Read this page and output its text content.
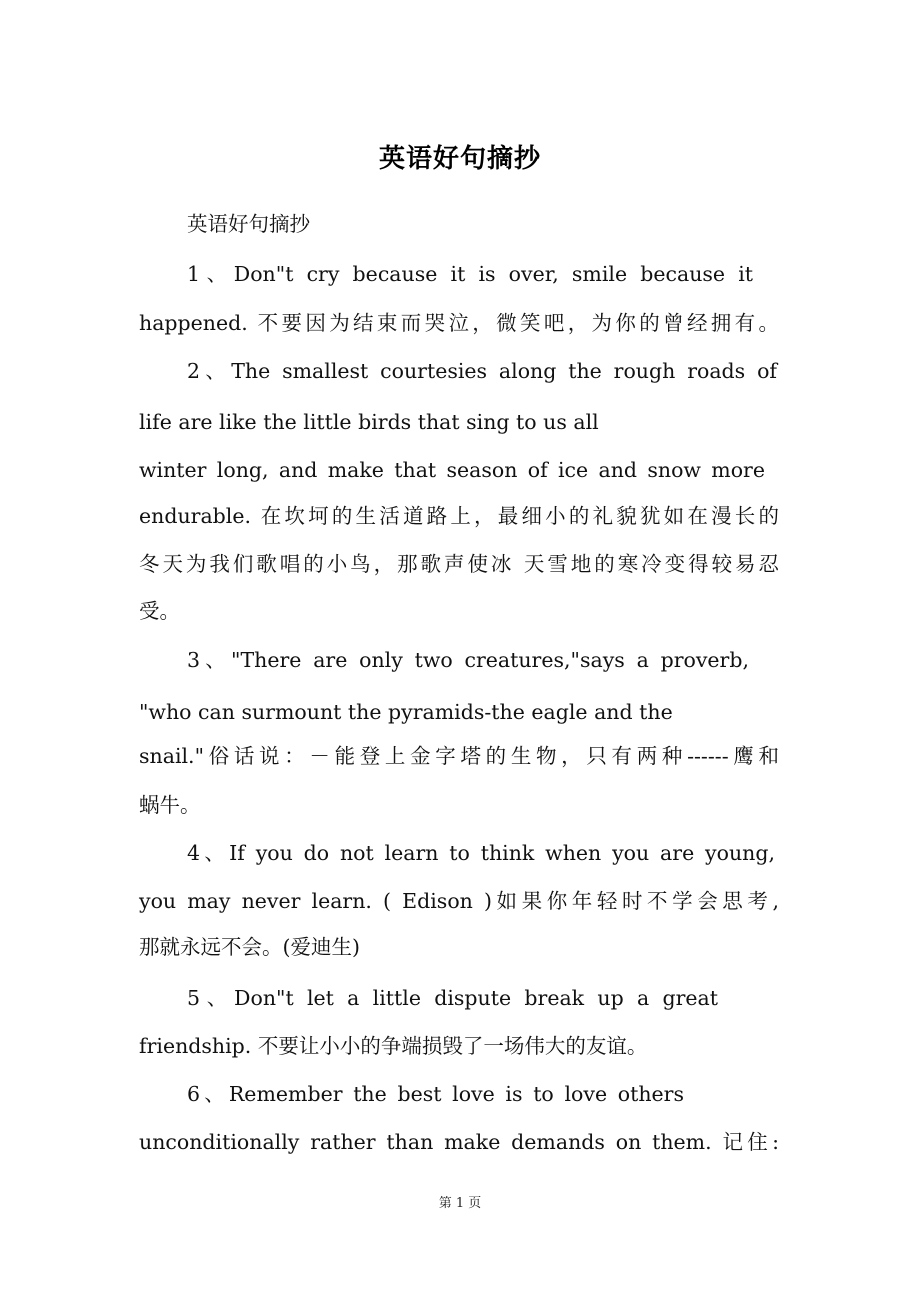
英语好句摘抄
英语好句摘抄
1、Don"t cry because it is over, smile because it
happened. 不要因为结束而哭泣，微笑吧，为你的曾经拥有。
2、The smallest courtesies along the rough roads of
life are like the little birds that sing to us all
winter long, and make that season of ice and snow more
endurable. 在坎坷的生活道路上，最细小的礼貌犹如在漫长的
冬天为我们歌唱的小鸟，那歌声使冰 天雪地的寒冷变得较易忍
受。
3、"There are only two creatures,"says a proverb,
"who can surmount the pyramids-the eagle and the
snail."俗话说：－能登上金字塔的生物，只有两种------鹰和
蜗牛。
4、If you do not learn to think when you are young,
you may never learn. ( Edison )如果你年轻时不学会思考,
那就永远不会。(爱迪生)
5、Don"t let a little dispute break up a great
friendship. 不要让小小的争端损毁了一场伟大的友谊。
6、Remember the best love is to love others
unconditionally rather than make demands on them. 记住:
第 1 页
